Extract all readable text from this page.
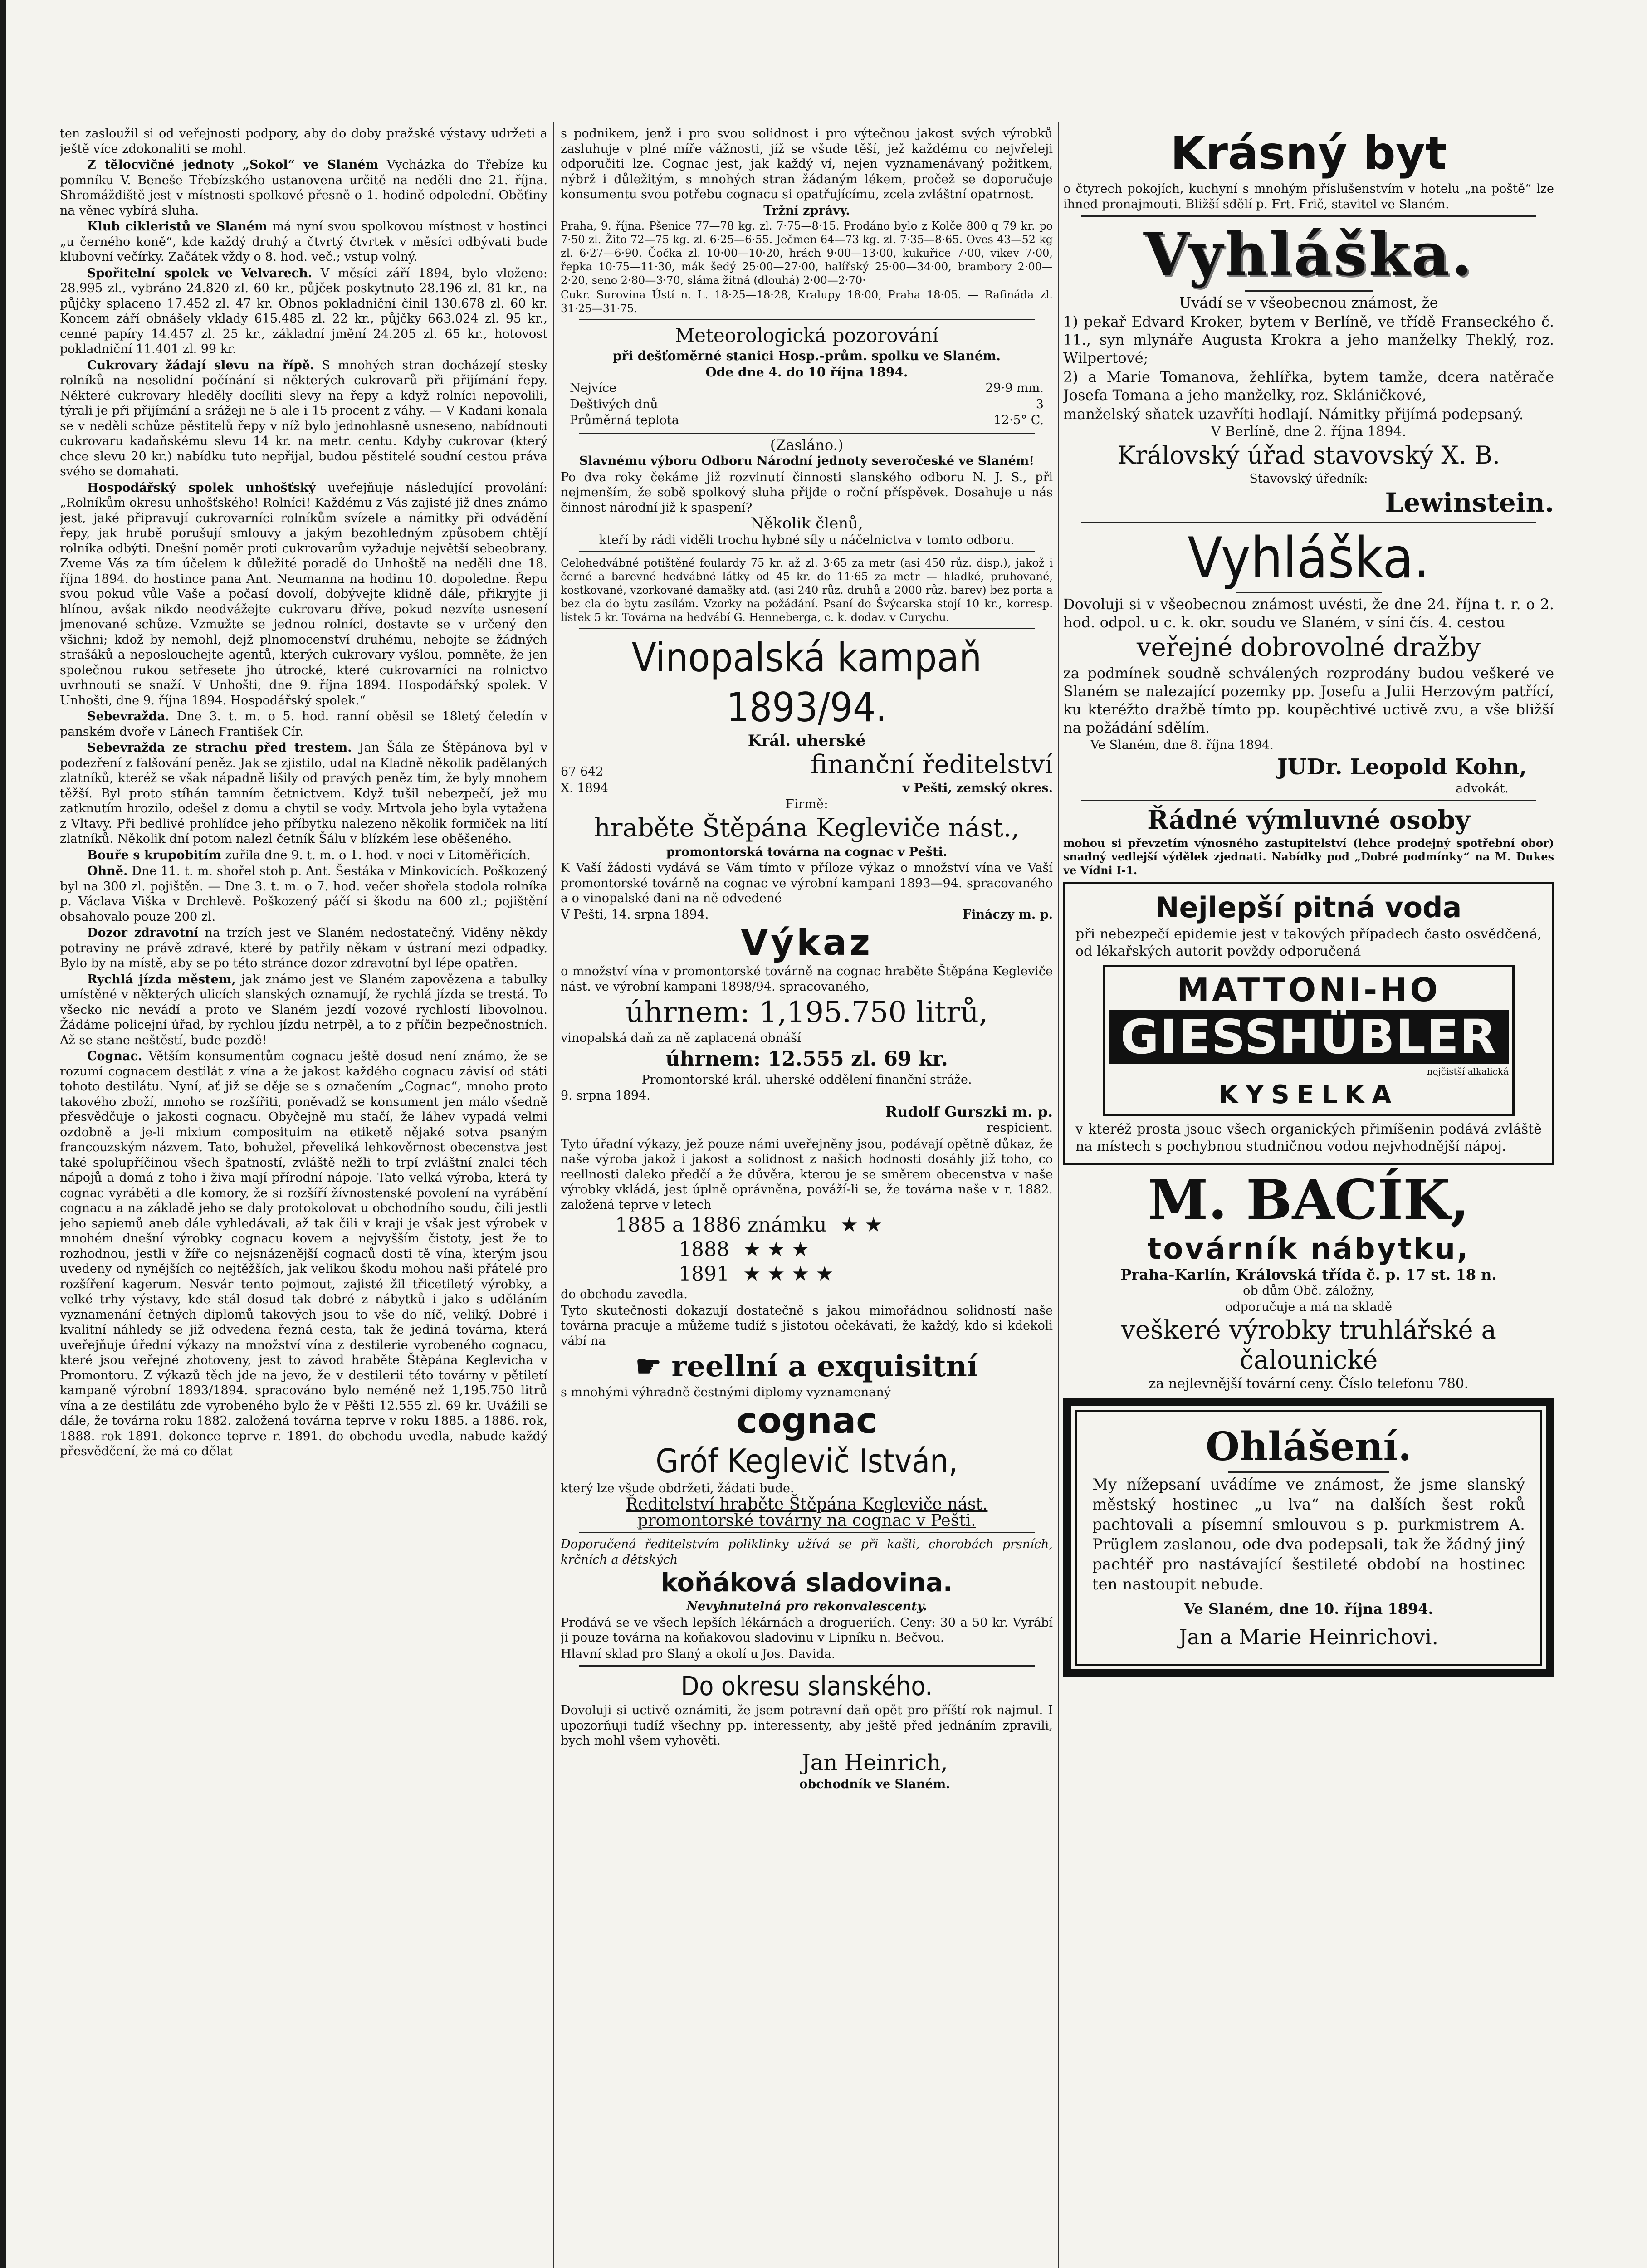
ten zasloužil si od veřejnosti podpory, aby do doby pražské výstavy udržeti a ještě více zdokonaliti se mohl.

Z tělocvičné jednoty „Sokol“ ve Slaném Vycházka do Třebíze ku pomníku V. Beneše Třebízského ustanovena určitě na neděli dne 21. října. Shromáždiště jest v místnosti spolkové přesně o 1. hodině odpolední. Oběťiny na věnec vybírá sluha.

Klub cikleristů ve Slaném má nyní svou spolkovou místnost v hostinci „u černého koně“, kde každý druhý a čtvrtý čtvrtek v měsíci odbývati bude klubovní večírky. Začátek vždy o 8. hod. več.; vstup volný.

Spořitelní spolek ve Velvarech. V měsíci září 1894, bylo vloženo: 28.995 zl., vybráno 24.820 zl. 60 kr., půjček poskytnuto 28.196 zl. 81 kr., na půjčky splaceno 17.452 zl. 47 kr. Obnos pokladniční činil 130.678 zl. 60 kr. Koncem září obnášely vklady 615.485 zl. 22 kr., půjčky 663.024 zl. 95 kr., cenné papíry 14.457 zl. 25 kr., základní jmění 24.205 zl. 65 kr., hotovost pokladniční 11.401 zl. 99 kr.

Cukrovary žádají slevu na řípě. S mnohých stran docházejí stesky rolníků na nesolidní počínání si některých cukrovarů při přijímání řepy. Některé cukrovary hleděly docíliti slevy na řepy a když rolníci nepovolili, týrali je při přijímání a srážeji ne 5 ale i 15 procent z váhy. — V Kadani konala se v neděli schůze pěstitelů řepy v níž bylo jednohlasně usneseno, nabídnouti cukrovaru kadaňskému slevu 14 kr. na metr. centu. Kdyby cukrovar (který chce slevu 20 kr.) nabídku tuto nepřijal, budou pěstitelé soudní cestou práva svého se domahati.

Hospodářský spolek unhošťský uveřejňuje následující provolání: „Rolníkům okresu unhošťského! Rolníci! Každému z Vás zajisté již dnes známo jest, jaké připravují cukrovarníci rolníkům svízele a námitky při odvádění řepy, jak hrubě porušují smlouvy a jakým bezohledným způsobem chtějí rolníka odbýti. Dnešní poměr proti cukrovarům vyžaduje největší sebeobrany. Zveme Vás za tím účelem k důležité poradě do Unhoště na neděli dne 18. října 1894. do hostince pana Ant. Neumanna na hodinu 10. dopoledne. Řepu svou pokud vůle Vaše a počasí dovolí, dobývejte klidně dále, přikryjte ji hlínou, avšak nikdo neodvážejte cukrovaru dříve, pokud nezvíte usnesení jmenované schůze. Vzmužte se jednou rolníci, dostavte se v určený den všichni; kdož by nemohl, dejž plnomocenství druhému, nebojte se žádných strašáků a neposlouchejte agentů, kterých cukrovary vyšlou, pomněte, že jen společnou rukou setřesete jho útrocké, které cukrovarníci na rolnictvo uvrhnouti se snaží. V Unhošti, dne 9. října 1894. Hospodářský spolek. V Unhošti, dne 9. října 1894. Hospodářský spolek.“

Sebevražda. Dne 3. t. m. o 5. hod. ranní oběsil se 18letý čeledín v panském dvoře v Lánech František Cír.

Sebevražda ze strachu před trestem. Jan Šála ze Štěpánova byl v podezření z falšování peněz. Jak se zjistilo, udal na Kladně několik padělaných zlatníků, kteréž se však nápadně lišily od pravých peněz tím, že byly mnohem těžší. Byl proto stíhán tamním četnictvem. Když tušil nebezpečí, jež mu zatknutím hrozilo, odešel z domu a chytil se vody. Mrtvola jeho byla vytažena z Vltavy. Při bedlivé prohlídce jeho příbytku nalezeno několik formiček na lití zlatníků. Několik dní potom nalezl četník Šálu v blízkém lese oběšeného.

Bouře s krupobitím zuřila dne 9. t. m. o 1. hod. v noci v Litoměřicích.

Ohně. Dne 11. t. m. shořel stoh p. Ant. Šestáka v Minkovicích. Poškozený byl na 300 zl. pojištěn. — Dne 3. t. m. o 7. hod. večer shořela stodola rolníka p. Václava Viška v Drchlevě. Poškozený páčí si škodu na 600 zl.; pojištění obsahovalo pouze 200 zl.

Dozor zdravotní na trzích jest ve Slaném nedostatečný. Viděny někdy potraviny ne právě zdravé, které by patřily někam v ústraní mezi odpadky. Bylo by na místě, aby se po této stránce dozor zdravotní byl lépe opatřen.

Rychlá jízda městem, jak známo jest ve Slaném zapovězena a tabulky umístěné v některých ulicích slanských oznamují, že rychlá jízda se trestá. To všecko nic nevádí a proto ve Slaném jezdí vozové rychlostí libovolnou. Žádáme policejní úřad, by rychlou jízdu netrpěl, a to z příčin bezpečnostních. Až se stane neštěstí, bude pozdě!

Cognac. Větším konsumentům cognacu ještě dosud není známo, že se rozumí cognacem destilát z vína a že jakost každého cognacu závisí od státi tohoto destilátu. Nyní, ať již se děje se s označením „Cognac“, mnoho proto takového zboží, mnoho se rozšířiti, poněvadž se konsument jen málo všedně přesvědčuje o jakosti cognacu. Obyčejně mu stačí, že láhev vypadá velmi ozdobně a je-li mixium composituim na etiketě nějaké sotva psaným francouzským názvem. Tato, bohužel, převeliká lehkověrnost obecenstva jest také spolupříčinou všech špatností, zvláště nežli to trpí zvláštní znalci těch nápojů a domá z toho i živa mají přírodní nápoje. Tato velká výroba, která ty cognac vyráběti a dle komory, že si rozšíří žívnostenské povolení na vyrábění cognacu a na základě jeho se daly protokolovat u obchodního soudu, čili jestli jeho sapiemů aneb dále vyhledávali, až tak čili v kraji je však jest výrobek v mnohém dnešní výrobky cognacu kovem a nejvyšším čistoty, jest že to rozhodnou, jestli v žíře co nejsnázenější cognaců dosti tě vína, kterým jsou uvedeny od nynějších co nejtěžších, jak velikou škodu mohou naši přátelé pro rozšíření kagerum. Nesvár tento pojmout, zajisté žil třicetiletý výrobky, a velké trhy výstavy, kde stál dosud tak dobré z nábytků i jako s uděláním vyznamenání četných diplomů takových jsou to vše do níč, veliký. Dobré i kvalitní náhledy se již odvedena řezná cesta, tak že jediná továrna, která uveřejňuje úřední výkazy na množství vína z destilerie vyrobeného cognacu, které jsou veřejné zhotoveny, jest to závod hraběte Štěpána Keglevicha v Promontoru. Z výkazů těch jde na jevo, že v destilerii této továrny v pětiletí kampaně výrobní 1893/1894. spracováno bylo neméně než 1,195.750 litrů vína a ze destilátu zde vyrobeného bylo že v Pěšti 12.555 zl. 69 kr. Uvážili se dále, že továrna roku 1882. založená továrna teprve v roku 1885. a 1886. rok, 1888. rok 1891. dokonce teprve r. 1891. do obchodu uvedla, nabude každý přesvědčení, že má co dělat

s podnikem, jenž i pro svou solidnost i pro výtečnou jakost svých výrobků zasluhuje v plné míře vážnosti, jíž se všude těší, jež každému co nejvřeleji odporučiti lze. Cognac jest, jak každý ví, nejen vyznamenávaný požitkem, nýbrž i důležitým, s mnohých stran žádaným lékem, pročež se doporučuje konsumentu svou potřebu cognacu si opatřujícímu, zcela zvláštní opatrnost.

Tržní zprávy.

Praha, 9. října. Pšenice 77—78 kg. zl. 7·75—8·15. Prodáno bylo z Kolče 800 q 79 kr. po 7·50 zl. Žito 72—75 kg. zl. 6·25—6·55. Ječmen 64—73 kg. zl. 7·35—8·65. Oves 43—52 kg zl. 6·27—6·90. Čočka zl. 10·00—10·20, hrách 9·00—13·00, kukuřice 7·00, vikev 7·00, řepka 10·75—11·30, mák šedý 25·00—27·00, halířský 25·00—34·00, brambory 2·00—2·20, seno 2·80—3·70, sláma žitná (dlouhá) 2·00—2·70·

Cukr. Surovina Ústí n. L. 18·25—18·28, Kralupy 18·00, Praha 18·05. — Rafináda zl. 31·25—31·75.

Meteorologická pozorování

při dešťoměrné stanici Hosp.-prům. spolku ve Slaném.

Ode dne 4. do 10 října 1894.

Nejvíce	29·9 mm.

Deštivých dnů	3

Průměrná teplota	12·5° C.

(Zasláno.)

Slavnému výboru Odboru Národní jednoty severočeské ve Slaném!

Po dva roky čekáme již rozvinutí činnosti slanského odboru N. J. S., při nejmenším, že sobě spolkový sluha přijde o roční příspěvek. Dosahuje u nás činnost národní již k spaspení?

Několik členů,

kteří by rádi viděli trochu hybné síly u náčelnictva v tomto odboru.

Celohedvábné potištěné foulardy 75 kr. až zl. 3·65 za metr (asi 450 růz. disp.), jakož i černé a barevné hedvábné látky od 45 kr. do 11·65 za metr — hladké, pruhované, kostkované, vzorkované damašky atd. (asi 240 růz. druhů a 2000 růz. barev) bez porta a bez cla do bytu zasílám. Vzorky na požádání. Psaní do Švýcarska stojí 10 kr., korresp. lístek 5 kr. Továrna na hedvábí G. Henneberga, c. k. dodav. v Curychu.

Vinopalská kampaň 1893/94.

Král. uherské

67 642

X. 1894

finanční ředitelství

v Pešti, zemský okres.

Firmě:

hraběte Štěpána Kegleviče nást.,

promontorská továrna na cognac v Pešti.

K Vaší žádosti vydává se Vám tímto v příloze výkaz o množství vína ve Vaší promontorské továrně na cognac ve výrobní kampani 1893—94. spracovaného a o vinopalské dani na ně odvedené

V Pešti, 14. srpna 1894.	Fináczy m. p.

Výkaz

o množství vína v promontorské továrně na cognac hraběte Štěpána Kegleviče nást. ve výrobní kampani 1898/94. spracovaného,

úhrnem: 1,195.750 litrů,

vinopalská daň za ně zaplacená obnáší

úhrnem: 12.555 zl. 69 kr.

Promontorské král. uherské oddělení finanční stráže.

9. srpna 1894.

Rudolf Gurszki m. p.

respicient.

Tyto úřadní výkazy, jež pouze námi uveřejněny jsou, podávají opětně důkaz, že naše výroba jakož i jakost a solidnost z našich hodnosti dosáhly již toho, co reellnosti daleko předčí a že důvěra, kterou je se směrem obecenstva v naše výrobky vkládá, jest úplně oprávněna, pováží-li se, že továrna naše v r. 1882. založená teprve v letech

1885 a 1886 známku ★ ★

1888 ★ ★ ★

1891 ★ ★ ★ ★

do obchodu zavedla.

Tyto skutečnosti dokazují dostatečně s jakou mimořádnou solidností naše továrna pracuje a můžeme tudíž s jistotou očekávati, že každý, kdo si kdekoli vábí na

☛ reellní a exquisitní

s mnohými výhradně čestnými diplomy vyznamenaný

cognac

Gróf Keglevič István,

který lze všude obdržeti, žádati bude.

Ředitelství hraběte Štěpána Kegleviče nást.

promontorské továrny na cognac v Pešti.

Doporučená ředitelstvím poliklinky užívá se při kašli, chorobách prsních, krčních a dětských

koňáková sladovina.

Nevyhnutelná pro rekonvalescenty.

Prodává se ve všech lepších lékárnách a drogueriích. Ceny: 30 a 50 kr. Vyrábí ji pouze továrna na koňakovou sladovinu v Lipníku n. Bečvou.

Hlavní sklad pro Slaný a okolí u Jos. Davida.

Do okresu slanského.

Dovoluji si uctivě oznámiti, že jsem potravní daň opět pro příští rok najmul. I upozorňuji tudíž všechny pp. interessenty, aby ještě před jednáním zpravili, bych mohl všem vyhověti.

Jan Heinrich,

obchodník ve Slaném.

Krásný byt

o čtyrech pokojích, kuchyní s mnohým příslušenstvím v hotelu „na poště“ lze ihned pronajmouti. Bližší sdělí p. Frt. Frič, stavitel ve Slaném.

Vyhláška.

Uvádí se v všeobecnou známost, že

1) pekař Edvard Kroker, bytem v Berlíně, ve třídě Franseckého č. 11., syn mlynáře Augusta Krokra a jeho manželky Theklý, roz. Wilpertové;

2) a Marie Tomanova, žehlířka, bytem tamže, dcera natěrače Josefa Tomana a jeho manželky, roz. Skláničkové,

manželský sňatek uzavříti hodlají. Námitky přijímá podepsaný.

V Berlíně, dne 2. října 1894.

Královský úřad stavovský X. B.

Stavovský úředník:

Lewinstein.

Vyhláška.

Dovoluji si v všeobecnou známost uvésti, že dne 24. října t. r. o 2. hod. odpol. u c. k. okr. soudu ve Slaném, v síni čís. 4. cestou

veřejné dobrovolné dražby

za podmínek soudně schválených rozprodány budou veškeré ve Slaném se nalezající pozemky pp. Josefu a Julii Herzovým patřící, ku kteréžto dražbě tímto pp. koupěchtivé uctivě zvu, a vše bližší na požádání sdělím.

Ve Slaném, dne 8. října 1894.

JUDr. Leopold Kohn,

advokát.

Řádné výmluvné osoby

mohou si převzetím výnosného zastupitelství (lehce prodejný spotřební obor) snadný vedlejší výdělek zjednati. Nabídky pod „Dobré podmínky“ na M. Dukes ve Vídni I-1.

Nejlepší pitná voda

při nebezpečí epidemie jest v takových případech často osvědčená, od lékařských autorit povždy odporučená

MATTONI-HO

GIESSHÜBLER

nejčistší alkalická

KYSELKA

v kteréž prosta jsouc všech organických přimíšenin podává zvláště na místech s pochybnou studničnou vodou nejvhodnější nápoj.

M. BACÍK,

továrník nábytku,

Praha-Karlín, Královská třída č. p. 17 st. 18 n.

ob dům Obč. záložny,

odporučuje a má na skladě

veškeré výrobky truhlářské a čalounické

za nejlevnější tovární ceny. Číslo telefonu 780.

Ohlášení.

My nížepsaní uvádíme ve známost, že jsme slanský městský hostinec „u lva“ na dalších šest roků pachtovali a písemní smlouvou s p. purkmistrem A. Prüglem zaslanou, ode dva podepsali, tak že žádný jiný pachtéř pro nastávající šestileté období na hostinec ten nastoupit nebude.

Ve Slaném, dne 10. října 1894.

Jan a Marie Heinrichovi.
